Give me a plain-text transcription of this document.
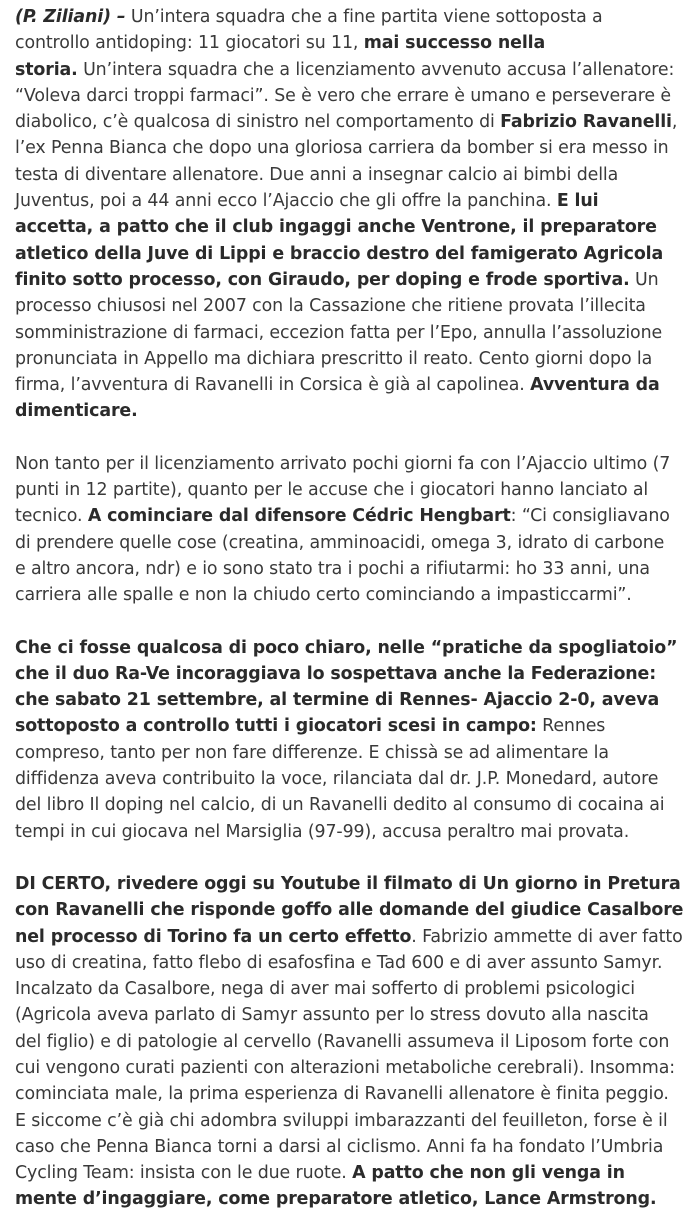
(P. Ziliani) – Un’intera squadra che a fine partita viene sottoposta a
controllo antidoping: 11 giocatori su 11, mai successo nella
storia. Un’intera squadra che a licenziamento avvenuto accusa l’allenatore:
“Voleva darci troppi farmaci”. Se è vero che errare è umano e perseverare è
diabolico, c’è qualcosa di sinistro nel comportamento di Fabrizio Ravanelli,
l’ex Penna Bianca che dopo una gloriosa carriera da bomber si era messo in
testa di diventare allenatore. Due anni a insegnar calcio ai bimbi della
Juventus, poi a 44 anni ecco l’Ajaccio che gli offre la panchina. E lui
accetta, a patto che il club ingaggi anche Ventrone, il preparatore
atletico della Juve di Lippi e braccio destro del famigerato Agricola
finito sotto processo, con Giraudo, per doping e frode sportiva. Un
processo chiusosi nel 2007 con la Cassazione che ritiene provata l’illecita
somministrazione di farmaci, eccezion fatta per l’Epo, annulla l’assoluzione
pronunciata in Appello ma dichiara prescritto il reato. Cento giorni dopo la
firma, l’avventura di Ravanelli in Corsica è già al capolinea. Avventura da
dimenticare.

Non tanto per il licenziamento arrivato pochi giorni fa con l’Ajaccio ultimo (7
punti in 12 partite), quanto per le accuse che i giocatori hanno lanciato al
tecnico. A cominciare dal difensore Cédric Hengbart: “Ci consigliavano
di prendere quelle cose (creatina, amminoacidi, omega 3, idrato di carbone
e altro ancora, ndr) e io sono stato tra i pochi a rifiutarmi: ho 33 anni, una
carriera alle spalle e non la chiudo certo cominciando a impasticcarmi”.

Che ci fosse qualcosa di poco chiaro, nelle “pratiche da spogliatoio”
che il duo Ra-Ve incoraggiava lo sospettava anche la Federazione:
che sabato 21 settembre, al termine di Rennes- Ajaccio 2-0, aveva
sottoposto a controllo tutti i giocatori scesi in campo: Rennes
compreso, tanto per non fare differenze. E chissà se ad alimentare la
diffidenza aveva contribuito la voce, rilanciata dal dr. J.P. Monedard, autore
del libro Il doping nel calcio, di un Ravanelli dedito al consumo di cocaina ai
tempi in cui giocava nel Marsiglia (97-99), accusa peraltro mai provata.

DI CERTO, rivedere oggi su Youtube il filmato di Un giorno in Pretura
con Ravanelli che risponde goffo alle domande del giudice Casalbore
nel processo di Torino fa un certo effetto. Fabrizio ammette di aver fatto
uso di creatina, fatto flebo di esafosfina e Tad 600 e di aver assunto Samyr.
Incalzato da Casalbore, nega di aver mai sofferto di problemi psicologici
(Agricola aveva parlato di Samyr assunto per lo stress dovuto alla nascita
del figlio) e di patologie al cervello (Ravanelli assumeva il Liposom forte con
cui vengono curati pazienti con alterazioni metaboliche cerebrali). Insomma:
cominciata male, la prima esperienza di Ravanelli allenatore è finita peggio.
E siccome c’è già chi adombra sviluppi imbarazzanti del feuilleton, forse è il
caso che Penna Bianca torni a darsi al ciclismo. Anni fa ha fondato l’Umbria
Cycling Team: insista con le due ruote. A patto che non gli venga in
mente d’ingaggiare, come preparatore atletico, Lance Armstrong.
